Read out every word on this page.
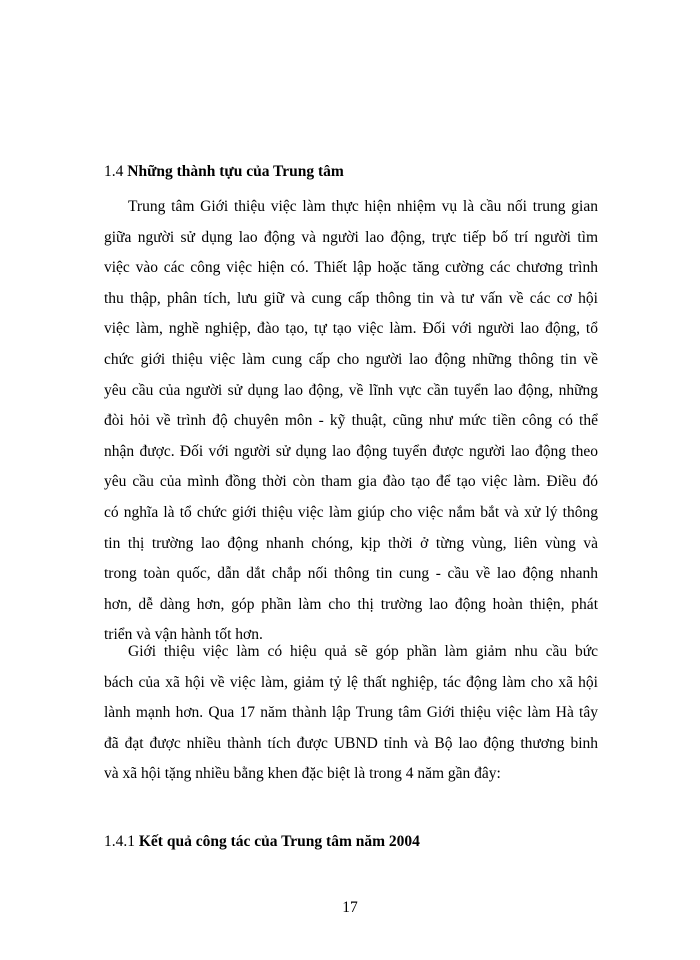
1.4 Những thành tựu của Trung tâm
Trung tâm Giới thiệu việc làm thực hiện nhiệm vụ là cầu nối trung gian
giữa người sử dụng lao động và người lao động, trực tiếp bố trí người tìm
việc vào các công việc hiện có. Thiết lập hoặc tăng cường các chương trình
thu thập, phân tích, lưu giữ và cung cấp thông tin và tư vấn về các cơ hội
việc làm, nghề nghiệp, đào tạo, tự tạo việc làm. Đối với người lao động, tổ
chức giới thiệu việc làm cung cấp cho người lao động những thông tin về
yêu cầu của người sử dụng lao động, về lĩnh vực cần tuyển lao động, những
đòi hỏi về trình độ chuyên môn - kỹ thuật, cũng như mức tiền công có thể
nhận được. Đối với người sử dụng lao động tuyển được người lao động theo
yêu cầu của mình đồng thời còn tham gia đào tạo để tạo việc làm. Điều đó
có nghĩa là tổ chức giới thiệu việc làm giúp cho việc nắm bắt và xử lý thông
tin thị trường lao động nhanh chóng, kịp thời ở từng vùng, liên vùng và
trong toàn quốc, dẫn dắt chắp nối thông tin cung - cầu về lao động nhanh
hơn, dễ dàng hơn, góp phần làm cho thị trường lao động hoàn thiện, phát
triển và vận hành tốt hơn.
Giới thiệu việc làm có hiệu quả sẽ góp phần làm giảm nhu cầu bức
bách của xã hội về việc làm, giảm tỷ lệ thất nghiệp, tác động làm cho xã hội
lành mạnh hơn. Qua 17 năm thành lập Trung tâm Giới thiệu việc làm Hà tây
đã đạt được nhiều thành tích được UBND tỉnh và Bộ lao động thương binh
và xã hội tặng nhiều bằng khen đặc biệt là trong 4 năm gần đây:
1.4.1 Kết quả công tác của Trung tâm năm 2004
17
